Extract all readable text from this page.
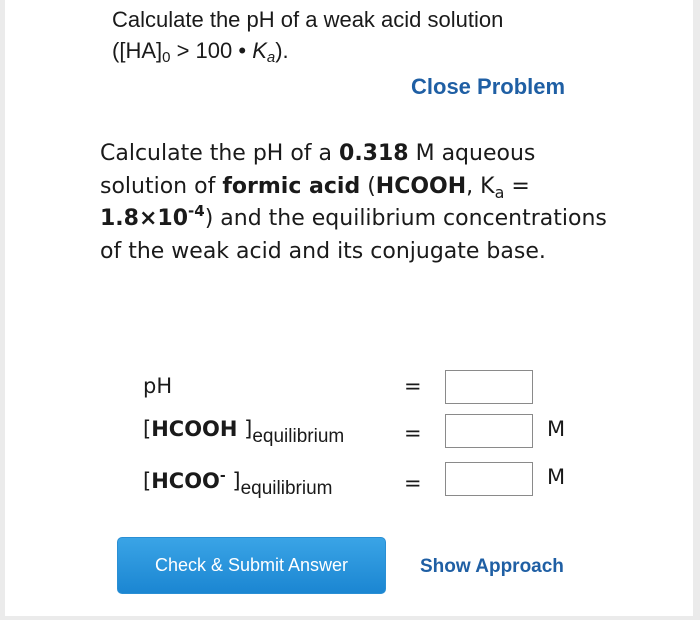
Calculate the pH of a weak acid solution
($[HA]_0 > 100$ • $K_a$).
Close Problem
Calculate the pH of a 0.318 M aqueous solution of formic acid (HCOOH, $K_a$ =
$1.8\times 10^{-4}$) and the equilibrium concentrations of the weak acid and its conjugate base.
pH	=
[HCOOH ]$_{equilibrium}$	=	M
[HCOO- ]$_{equilibrium}$	=	M
Check & Submit Answer	Show Approach
